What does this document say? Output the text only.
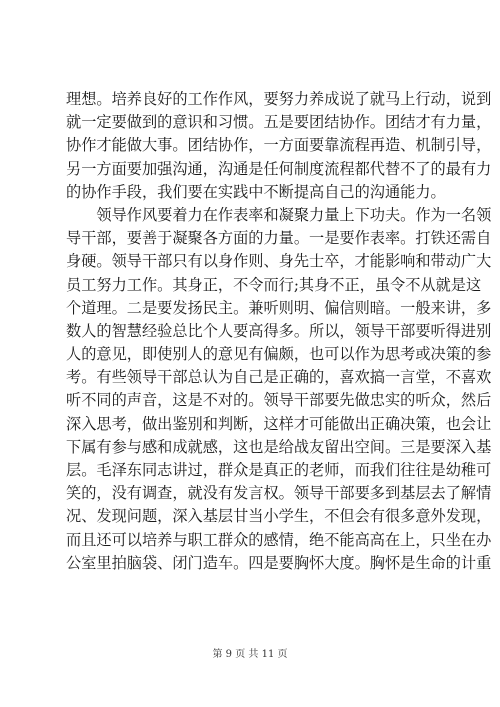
理想。培养良好的工作作风，要努力养成说了就马上行动，说到
就一定要做到的意识和习惯。五是要团结协作。团结才有力量，
协作才能做大事。团结协作，一方面要靠流程再造、机制引导，
另一方面要加强沟通，沟通是任何制度流程都代替不了的最有力
的协作手段，我们要在实践中不断提高自己的沟通能力。
　　领导作风要着力在作表率和凝聚力量上下功夫。作为一名领
导干部，要善于凝聚各方面的力量。一是要作表率。打铁还需自
身硬。领导干部只有以身作则、身先士卒，才能影响和带动广大
员工努力工作。其身正，不令而行;其身不正，虽令不从就是这
个道理。二是要发扬民主。兼听则明、偏信则暗。一般来讲，多
数人的智慧经验总比个人要高得多。所以，领导干部要听得进别
人的意见，即使别人的意见有偏颇，也可以作为思考或决策的参
考。有些领导干部总认为自己是正确的，喜欢搞一言堂，不喜欢
听不同的声音，这是不对的。领导干部要先做忠实的听众，然后
深入思考，做出鉴别和判断，这样才可能做出正确决策，也会让
下属有参与感和成就感，这也是给战友留出空间。三是要深入基
层。毛泽东同志讲过，群众是真正的老师，而我们往往是幼稚可
笑的，没有调查，就没有发言权。领导干部要多到基层去了解情
况、发现问题，深入基层甘当小学生，不但会有很多意外发现，
而且还可以培养与职工群众的感情，绝不能高高在上，只坐在办
公室里拍脑袋、闭门造车。四是要胸怀大度。胸怀是生命的计重
第 9 页 共 11 页
